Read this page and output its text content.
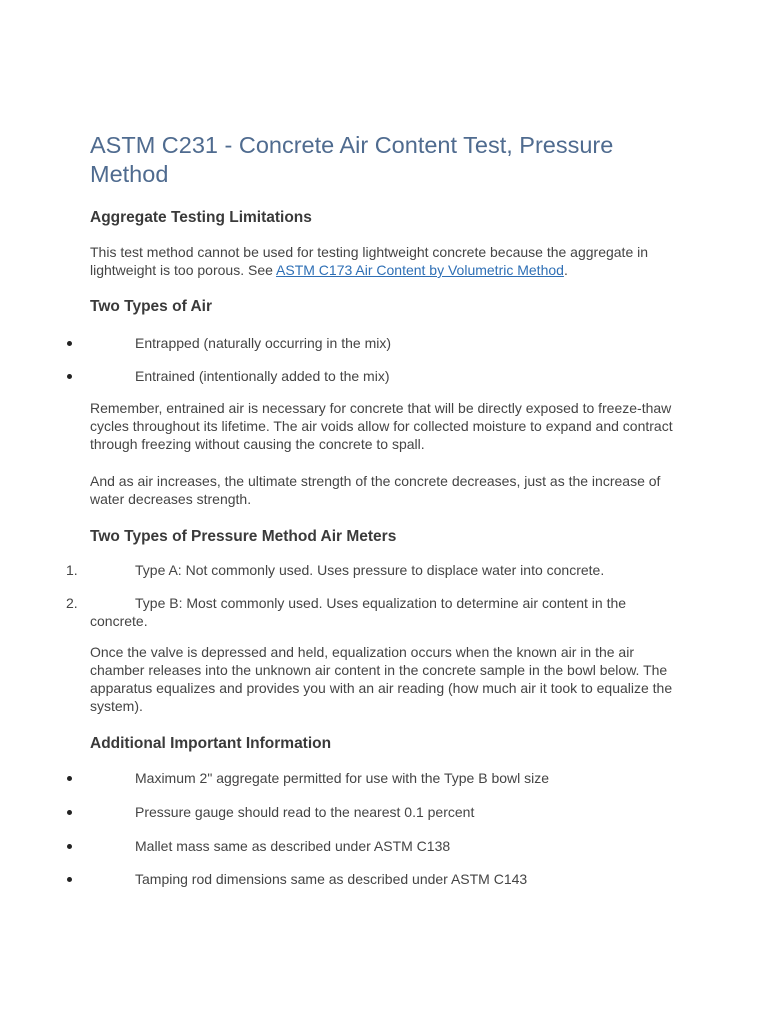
ASTM C231 - Concrete Air Content Test, Pressure Method
Aggregate Testing Limitations

This test method cannot be used for testing lightweight concrete because the aggregate in lightweight is too porous. See ASTM C173 Air Content by Volumetric Method.

Two Types of Air
Entrapped (naturally occurring in the mix)
Entrained (intentionally added to the mix)

Remember, entrained air is necessary for concrete that will be directly exposed to freeze-thaw cycles throughout its lifetime. The air voids allow for collected moisture to expand and contract through freezing without causing the concrete to spall.

And as air increases, the ultimate strength of the concrete decreases, just as the increase of water decreases strength.

Two Types of Pressure Method Air Meters
1.	Type A: Not commonly used. Uses pressure to displace water into concrete.
2.	Type B: Most commonly used. Uses equalization to determine air content in the concrete.

Once the valve is depressed and held, equalization occurs when the known air in the air chamber releases into the unknown air content in the concrete sample in the bowl below. The apparatus equalizes and provides you with an air reading (how much air it took to equalize the system).

Additional Important Information
Maximum 2" aggregate permitted for use with the Type B bowl size
Pressure gauge should read to the nearest 0.1 percent
Mallet mass same as described under ASTM C138
Tamping rod dimensions same as described under ASTM C143
